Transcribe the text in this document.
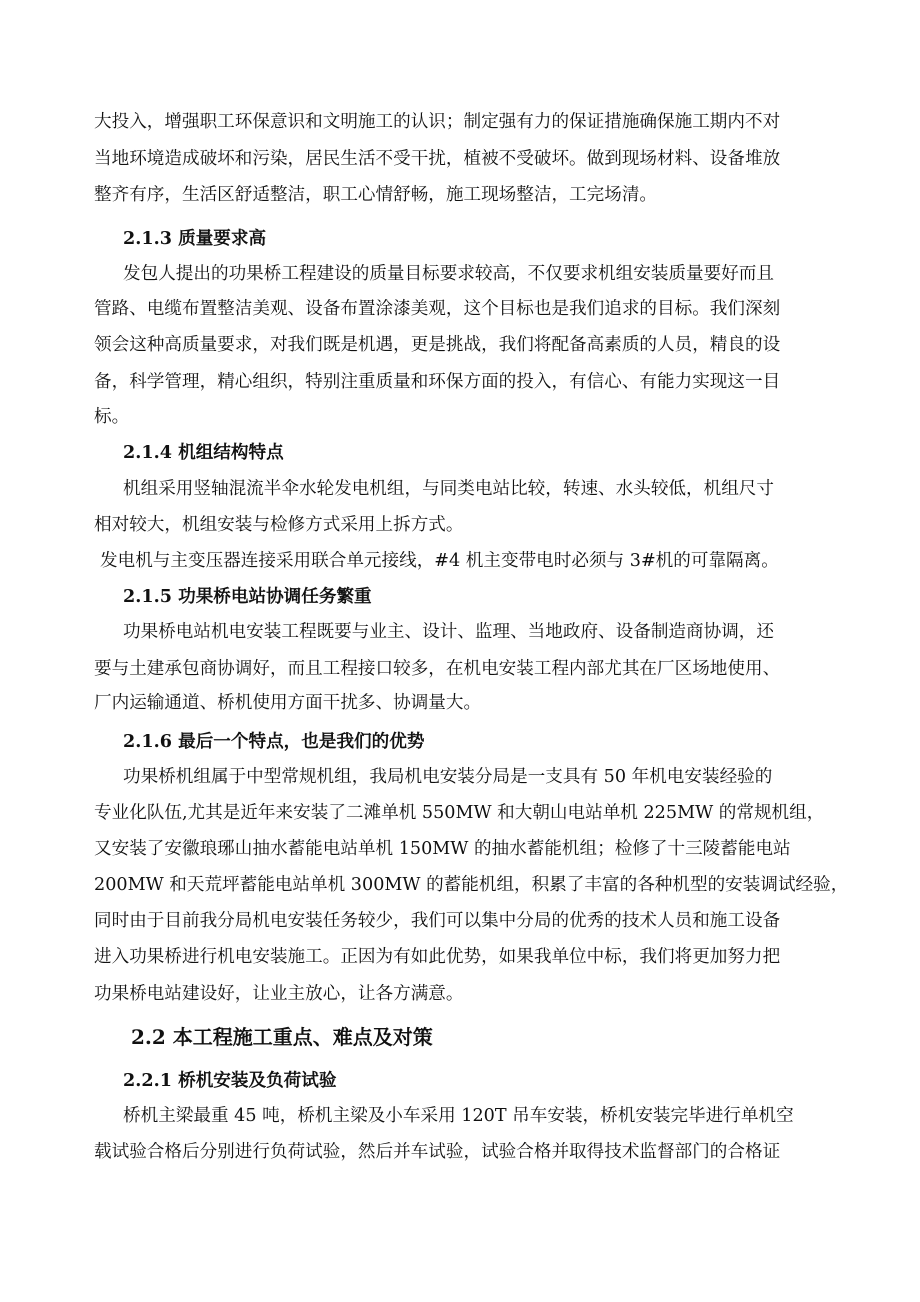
大投入，增强职工环保意识和文明施工的认识；制定强有力的保证措施确保施工期内不对
当地环境造成破坏和污染，居民生活不受干扰，植被不受破坏。做到现场材料、设备堆放
整齐有序，生活区舒适整洁，职工心情舒畅，施工现场整洁，工完场清。
2.1.3 质量要求高
发包人提出的功果桥工程建设的质量目标要求较高，不仅要求机组安装质量要好而且
管路、电缆布置整洁美观、设备布置涂漆美观，这个目标也是我们追求的目标。我们深刻
领会这种高质量要求，对我们既是机遇，更是挑战，我们将配备高素质的人员，精良的设
备，科学管理，精心组织，特别注重质量和环保方面的投入，有信心、有能力实现这一目
标。
2.1.4 机组结构特点
机组采用竖轴混流半伞水轮发电机组，与同类电站比较，转速、水头较低，机组尺寸
相对较大，机组安装与检修方式采用上拆方式。
发电机与主变压器连接采用联合单元接线，#4 机主变带电时必须与 3#机的可靠隔离。
2.1.5 功果桥电站协调任务繁重
功果桥电站机电安装工程既要与业主、设计、监理、当地政府、设备制造商协调，还
要与土建承包商协调好，而且工程接口较多，在机电安装工程内部尤其在厂区场地使用、
厂内运输通道、桥机使用方面干扰多、协调量大。
2.1.6 最后一个特点，也是我们的优势
功果桥机组属于中型常规机组，我局机电安装分局是一支具有 50 年机电安装经验的
专业化队伍,尤其是近年来安装了二滩单机 550MW 和大朝山电站单机 225MW 的常规机组，
又安装了安徽琅琊山抽水蓄能电站单机 150MW 的抽水蓄能机组；检修了十三陵蓄能电站
200MW 和天荒坪蓄能电站单机 300MW 的蓄能机组，积累了丰富的各种机型的安装调试经验，
同时由于目前我分局机电安装任务较少，我们可以集中分局的优秀的技术人员和施工设备
进入功果桥进行机电安装施工。正因为有如此优势，如果我单位中标，我们将更加努力把
功果桥电站建设好，让业主放心，让各方满意。
2.2 本工程施工重点、难点及对策
2.2.1 桥机安装及负荷试验
桥机主梁最重 45 吨，桥机主梁及小车采用 120T 吊车安装，桥机安装完毕进行单机空
载试验合格后分别进行负荷试验，然后并车试验，试验合格并取得技术监督部门的合格证
